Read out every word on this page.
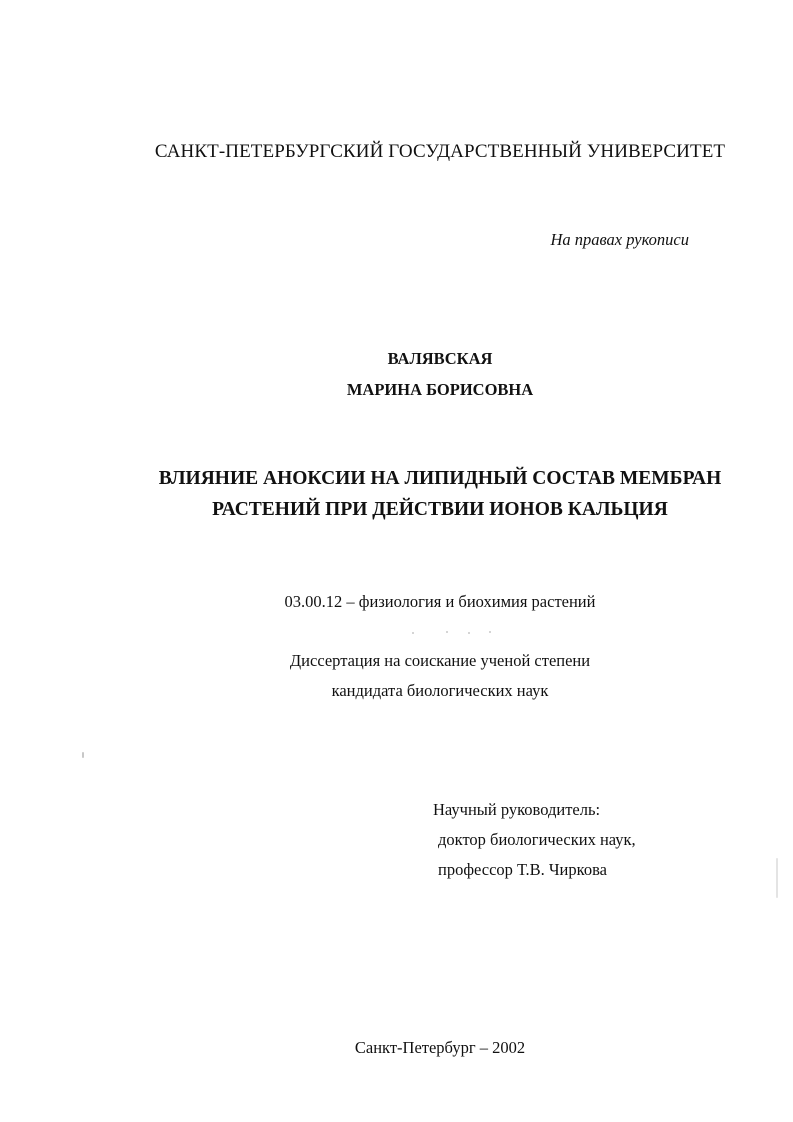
САНКТ-ПЕТЕРБУРГСКИЙ ГОСУДАРСТВЕННЫЙ УНИВЕРСИТЕТ
На правах рукописи
ВАЛЯВСКАЯ
МАРИНА БОРИСОВНА
ВЛИЯНИЕ АНОКСИИ НА ЛИПИДНЫЙ СОСТАВ МЕМБРАН
РАСТЕНИЙ ПРИ ДЕЙСТВИИ ИОНОВ КАЛЬЦИЯ
03.00.12 – физиология и биохимия растений
Диссертация на соискание ученой степени
кандидата биологических наук
Научный руководитель:
доктор биологических наук,
профессор Т.В. Чиркова
Санкт-Петербург – 2002
